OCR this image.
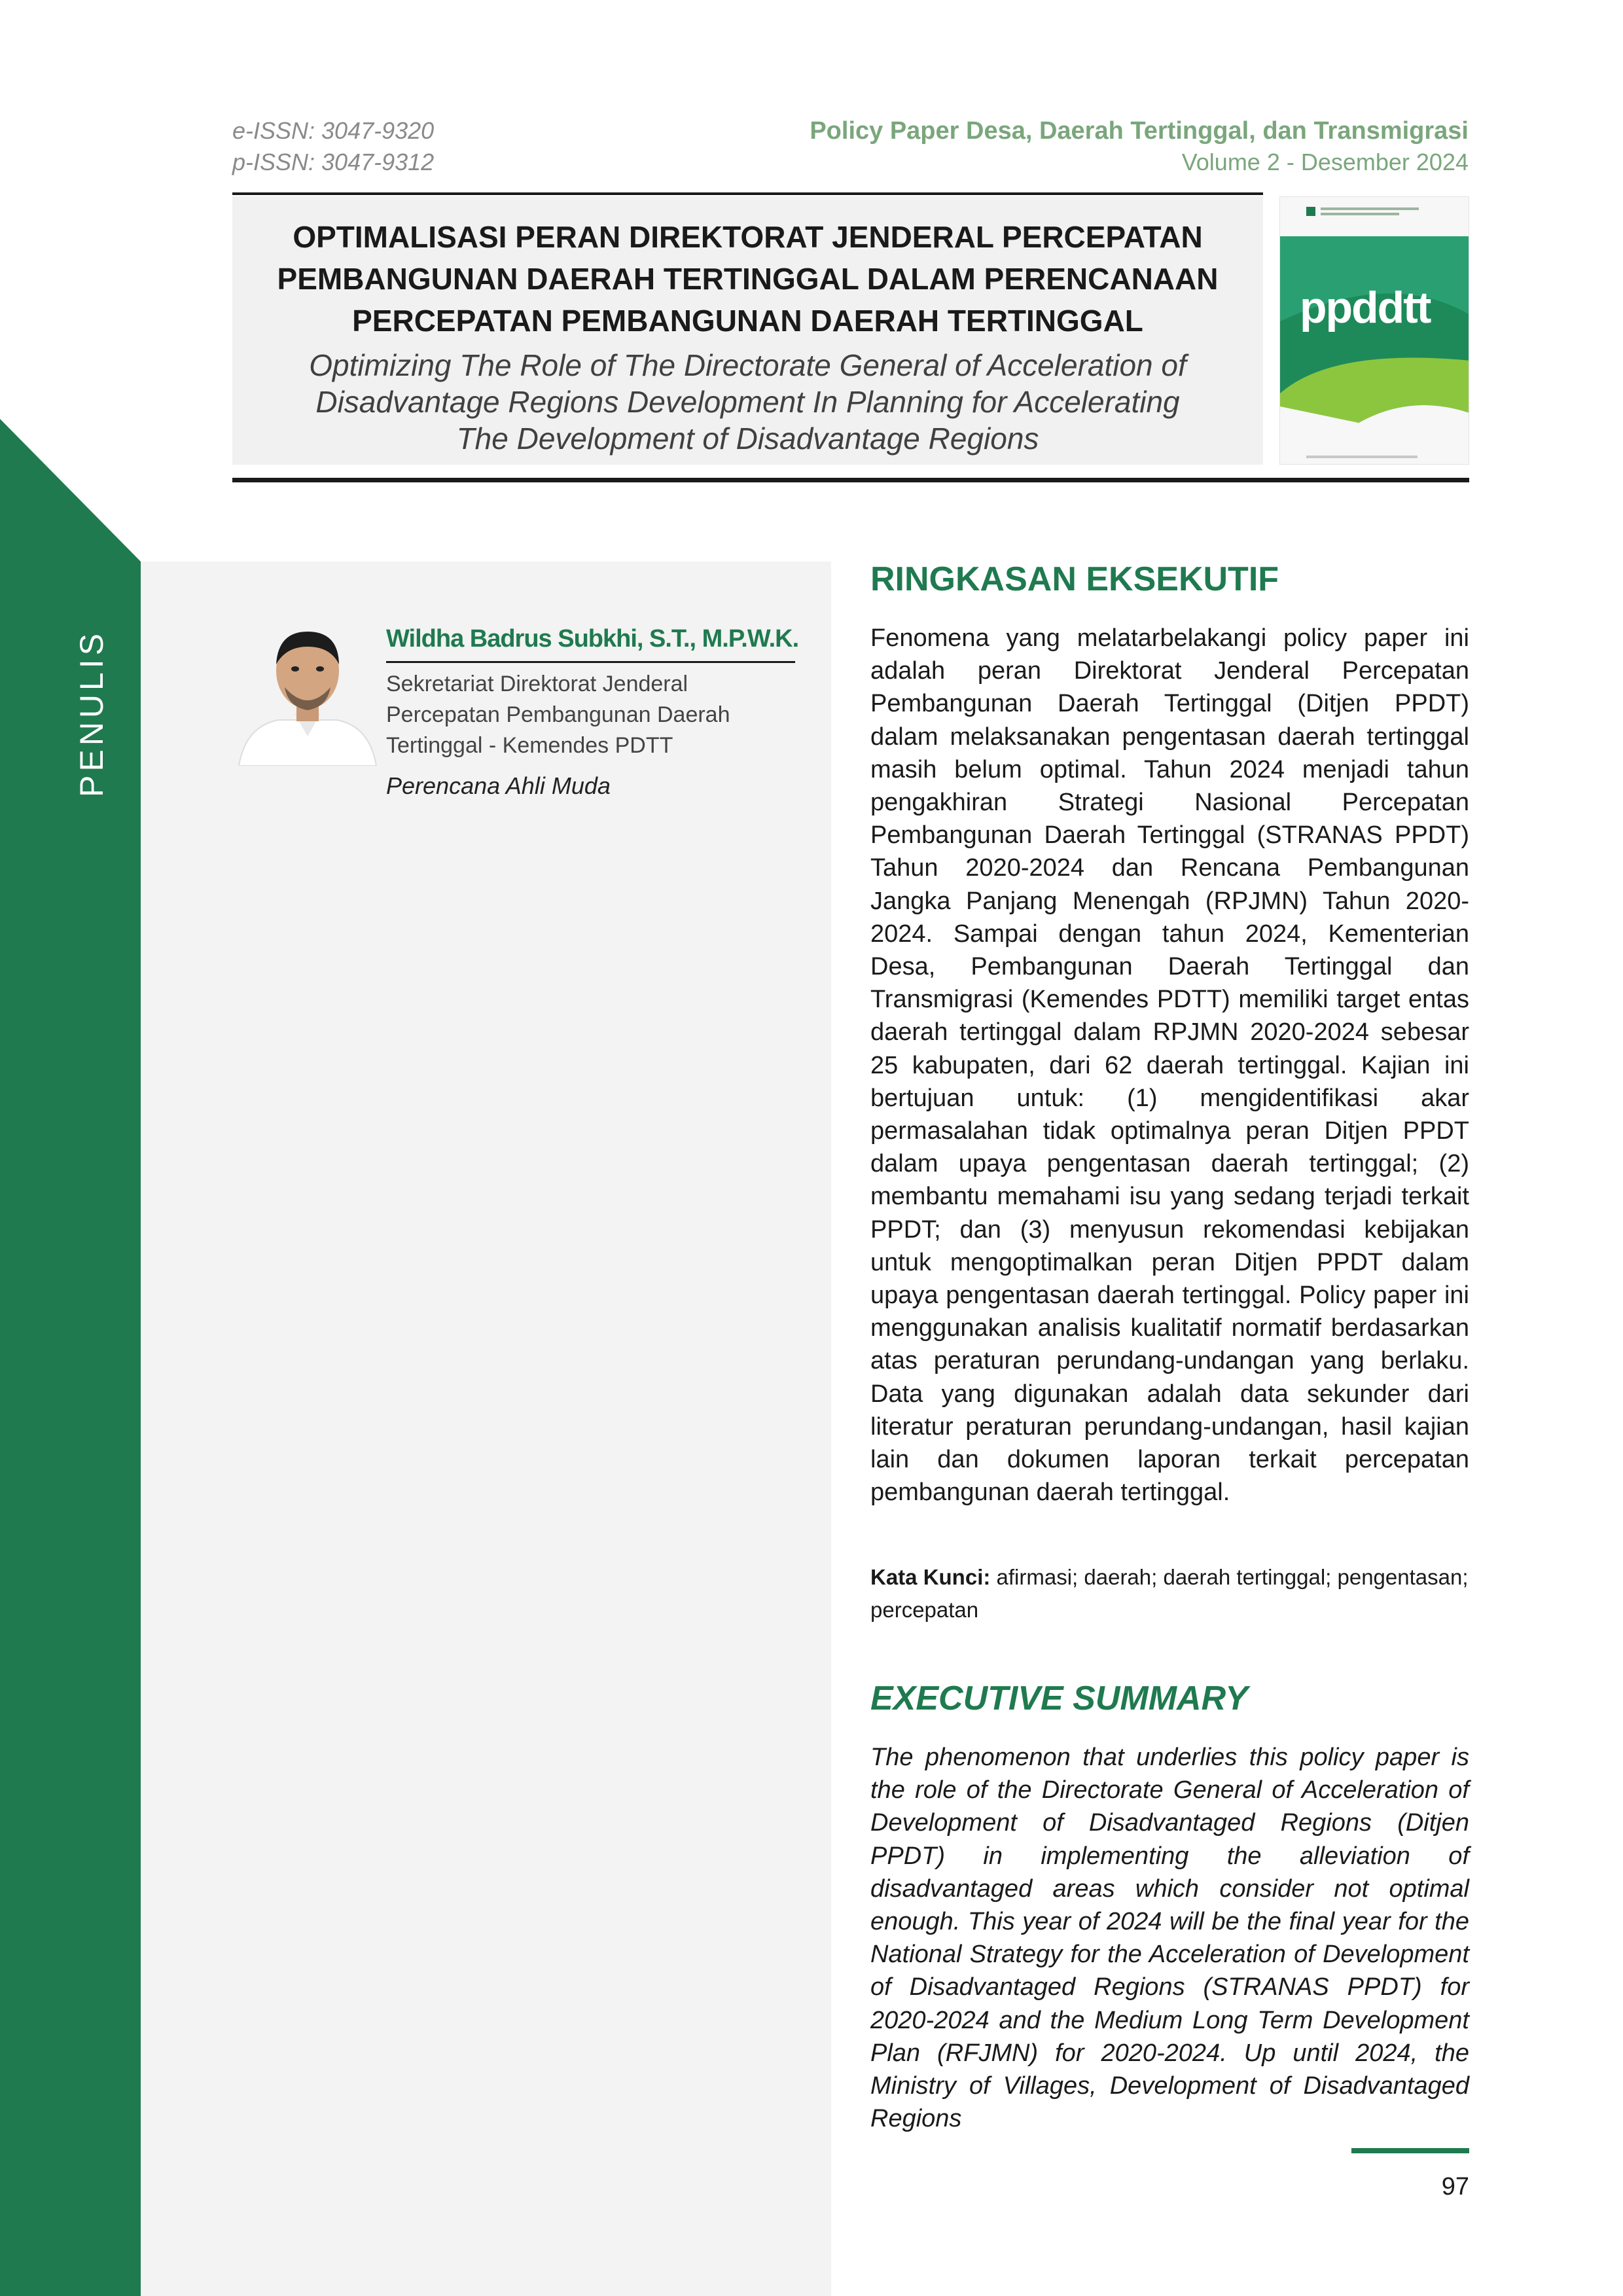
PENULIS
e-ISSN: 3047-9320
p-ISSN: 3047-9312
Policy Paper Desa, Daerah Tertinggal, dan Transmigrasi
Volume 2 - Desember 2024
OPTIMALISASI PERAN DIREKTORAT JENDERAL PERCEPATAN
PEMBANGUNAN DAERAH TERTINGGAL DALAM PERENCANAAN
PERCEPATAN PEMBANGUNAN DAERAH TERTINGGAL
Optimizing The Role of The Directorate General of Acceleration of
Disadvantage Regions Development In Planning for Accelerating
The Development of Disadvantage Regions
ppddtt
Wildha Badrus Subkhi, S.T., M.P.W.K.
Sekretariat Direktorat Jenderal
Percepatan Pembangunan Daerah
Tertinggal - Kemendes PDTT
Perencana Ahli Muda
RINGKASAN EKSEKUTIF
Fenomena yang melatarbelakangi policy paper ini adalah peran Direktorat Jenderal Percepatan Pembangunan Daerah Tertinggal (Ditjen PPDT) dalam melaksanakan pengentasan daerah tertinggal masih belum optimal. Tahun 2024 menjadi tahun pengakhiran Strategi Nasional Percepatan Pembangunan Daerah Tertinggal (STRANAS PPDT) Tahun 2020-2024 dan Rencana Pembangunan Jangka Panjang Menengah (RPJMN) Tahun 2020-2024. Sampai dengan tahun 2024, Kementerian Desa, Pembangunan Daerah Tertinggal dan Transmigrasi (Kemendes PDTT) memiliki target entas daerah tertinggal dalam RPJMN 2020-2024 sebesar 25 kabupaten, dari 62 daerah tertinggal. Kajian ini bertujuan untuk: (1) mengidentifikasi akar permasalahan tidak optimalnya peran Ditjen PPDT dalam upaya pengentasan daerah tertinggal; (2) membantu memahami isu yang sedang terjadi terkait PPDT; dan (3) menyusun rekomendasi kebijakan untuk mengoptimalkan peran Ditjen PPDT dalam upaya pengentasan daerah tertinggal. Policy paper ini menggunakan analisis kualitatif normatif berdasarkan atas peraturan perundang-undangan yang berlaku. Data yang digunakan adalah data sekunder dari literatur peraturan perundang-undangan, hasil kajian lain dan dokumen laporan terkait percepatan pembangunan daerah tertinggal.
Kata Kunci: afirmasi; daerah; daerah tertinggal; pengentasan; percepatan
EXECUTIVE SUMMARY
The phenomenon that underlies this policy paper is the role of the Directorate General of Acceleration of Development of Disadvantaged Regions (Ditjen PPDT) in implementing the alleviation of disadvantaged areas which consider not optimal enough. This year of 2024 will be the final year for the National Strategy for the Acceleration of Development of Disadvantaged Regions (STRANAS PPDT) for 2020-2024 and the Medium Long Term Development Plan (RFJMN) for 2020-2024. Up until 2024, the Ministry of Villages, Development of Disadvantaged Regions
97
